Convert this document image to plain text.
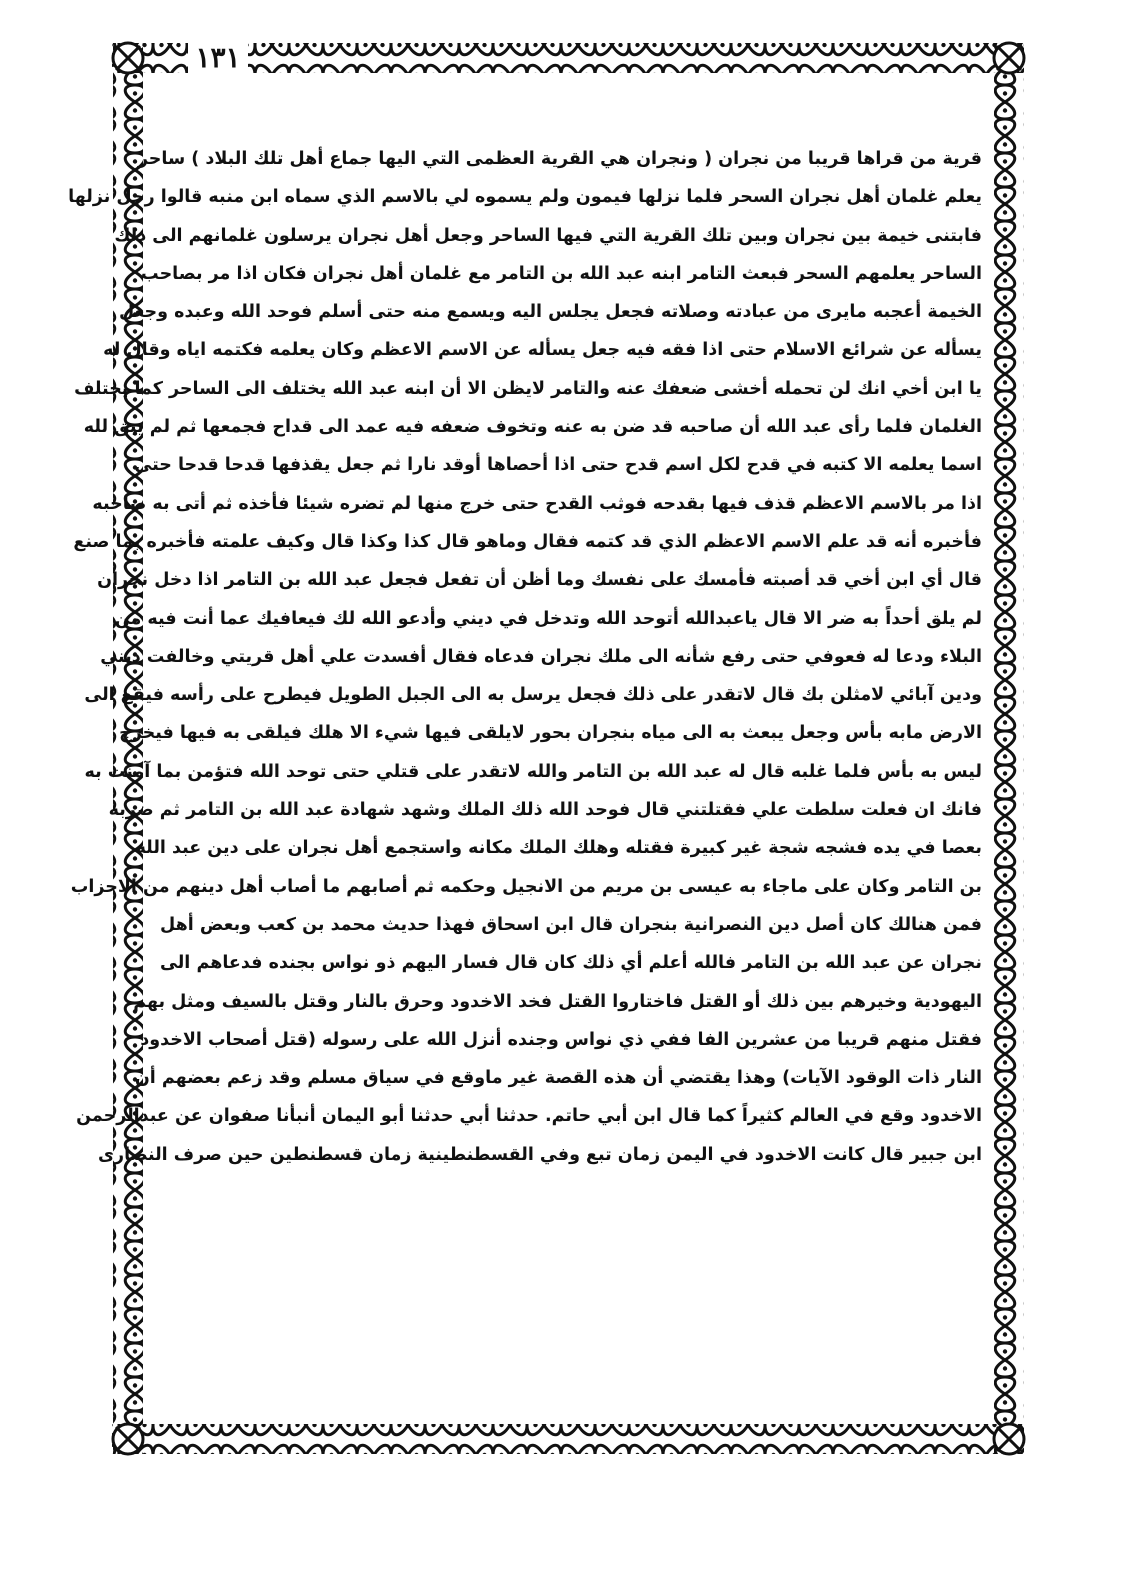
١٣١
قرية من قراها قريبا من نجران ( ونجران هي القرية العظمى التي اليها جماع أهل تلك البلاد ) ساحر
يعلم غلمان أهل نجران السحر فلما نزلها فيمون ولم يسموه لي بالاسم الذي سماه ابن منبه قالوا رجل نزلها
فابتنى خيمة بين نجران وبين تلك القرية التي فيها الساحر وجعل أهل نجران يرسلون غلمانهم الى ذلك
الساحر يعلمهم السحر فبعث التامر ابنه عبد الله بن التامر مع غلمان أهل نجران فكان اذا مر بصاحب
الخيمة أعجبه مايرى من عبادته وصلاته فجعل يجلس اليه ويسمع منه حتى أسلم فوحد الله وعبده وجعل
يسأله عن شرائع الاسلام حتى اذا فقه فيه جعل يسأله عن الاسم الاعظم وكان يعلمه فكتمه اياه وقال له
يا ابن أخي انك لن تحمله أخشى ضعفك عنه والتامر لايظن الا أن ابنه عبد الله يختلف الى الساحر كما يختلف
الغلمان فلما رأى عبد الله أن صاحبه قد ضن به عنه وتخوف ضعفه فيه عمد الى قداح فجمعها ثم لم يبق لله
اسما يعلمه الا كتبه في قدح لكل اسم قدح حتى اذا أحصاها أوقد نارا ثم جعل يقذفها قدحا قدحا حتى
اذا مر بالاسم الاعظم قذف فيها بقدحه فوثب القدح حتى خرج منها لم تضره شيئا فأخذه ثم أتى به صاحبه
فأخبره أنه قد علم الاسم الاعظم الذي قد كتمه فقال وماهو قال كذا وكذا قال وكيف علمته فأخبره بما صنع
قال أي ابن أخي قد أصبته فأمسك على نفسك وما أظن أن تفعل فجعل عبد الله بن التامر اذا دخل نجران
لم يلق أحداً به ضر الا قال ياعبدالله أتوحد الله وتدخل في ديني وأدعو الله لك فيعافيك عما أنت فيه من
البلاء ودعا له فعوفي حتى رفع شأنه الى ملك نجران فدعاه فقال أفسدت علي أهل قريتي وخالفت ديني
ودين آبائي لامثلن بك قال لاتقدر على ذلك فجعل يرسل به الى الجبل الطويل فيطرح على رأسه فيقع الى
الارض مابه بأس وجعل يبعث به الى مياه بنجران بحور لايلقى فيها شيء الا هلك فيلقى به فيها فيخرج
ليس به بأس فلما غلبه قال له عبد الله بن التامر والله لاتقدر على قتلي حتى توحد الله فتؤمن بما آمنت به
فانك ان فعلت سلطت علي فقتلتني قال فوحد الله ذلك الملك وشهد شهادة عبد الله بن التامر ثم ضربه
بعصا في يده فشجه شجة غير كبيرة فقتله وهلك الملك مكانه واستجمع أهل نجران على دين عبد الله
بن التامر وكان على ماجاء به عيسى بن مريم من الانجيل وحكمه ثم أصابهم ما أصاب أهل دينهم من الاحزاب
فمن هنالك كان أصل دين النصرانية بنجران قال ابن اسحاق فهذا حديث محمد بن كعب وبعض أهل
نجران عن عبد الله بن التامر فالله أعلم أي ذلك كان قال فسار اليهم ذو نواس بجنده فدعاهم الى
اليهودية وخيرهم بين ذلك أو القتل فاختاروا القتل فخد الاخدود وحرق بالنار وقتل بالسيف ومثل بهم
فقتل منهم قريبا من عشرين الفا ففي ذي نواس وجنده أنزل الله على رسوله (قتل أصحاب الاخدود
النار ذات الوقود الآيات) وهذا يقتضي أن هذه القصة غير ماوقع في سياق مسلم وقد زعم بعضهم أن
الاخدود وقع في العالم كثيراً كما قال ابن أبي حاتم. حدثنا أبي حدثنا أبو اليمان أنبأنا صفوان عن عبدالرحمن
ابن جبير قال كانت الاخدود في اليمن زمان تبع وفي القسطنطينية زمان قسطنطين حين صرف النصارى
